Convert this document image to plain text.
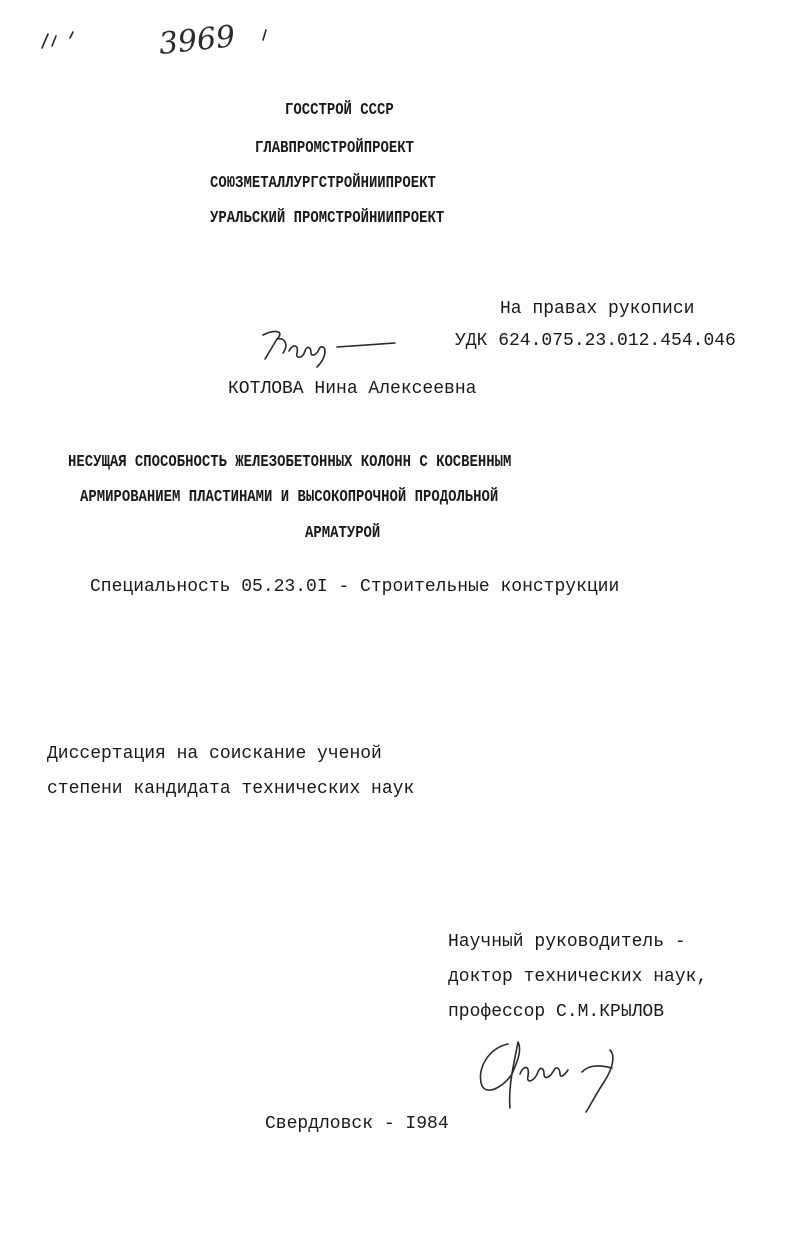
3969
ГОССТРОЙ СССР
ГЛАВПРОМСТРОЙПРОЕКТ
СОЮЗМЕТАЛЛУРГСТРОЙНИИПРОЕКТ
УРАЛЬСКИЙ ПРОМСТРОЙНИИПРОЕКТ
На правах рукописи
УДК 624.075.23.012.454.046
КОТЛОВА Нина Алексеевна
НЕСУЩАЯ СПОСОБНОСТЬ ЖЕЛЕЗОБЕТОННЫХ КОЛОНН С КОСВЕННЫМ
АРМИРОВАНИЕМ ПЛАСТИНАМИ И ВЫСОКОПРОЧНОЙ ПРОДОЛЬНОЙ
АРМАТУРОЙ
Специальность 05.23.0I - Строительные конструкции
Диссертация на соискание ученой
степени кандидата технических наук
Научный руководитель -
доктор технических наук,
профессор С.М.КРЫЛОВ
Свердловск - I984
